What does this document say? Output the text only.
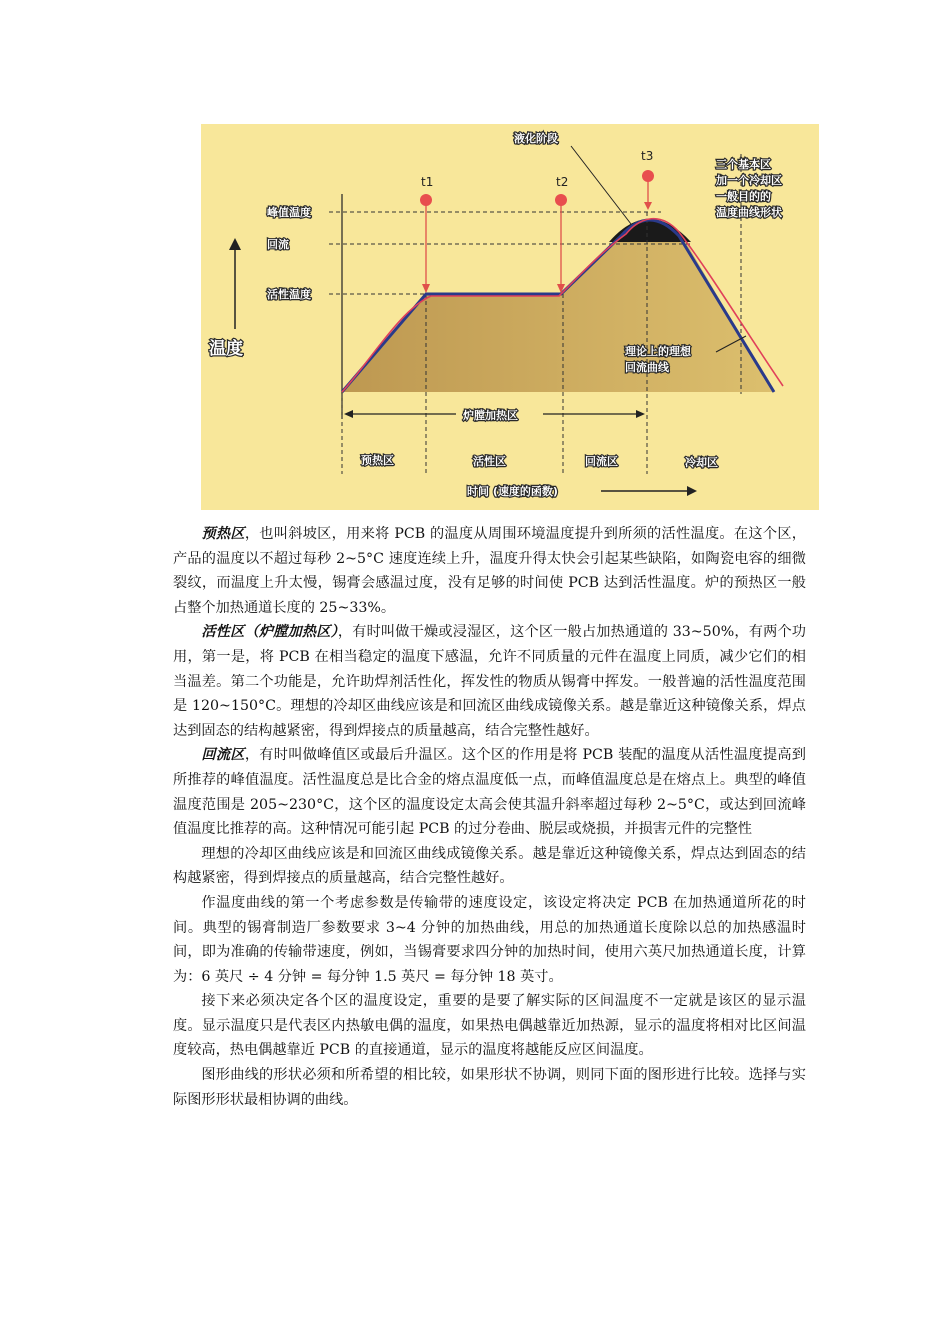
t1	t2
t3
液化阶段
三个基本区
加一个冷却区
一般目的的
温度曲线形状
峰值温度
回流
活性温度
温度	理论上的理想
回流曲线
炉膛加热区
预热区	活性区	回流区	冷却区
时间 (速度的函数)

预热区，也叫斜坡区，用来将 PCB 的温度从周围环境温度提升到所须的活性温度。在这个区，产品的温度以不超过每秒 2~5°C 速度连续上升，温度升得太快会引起某些缺陷，如陶瓷电容的细微裂纹，而温度上升太慢，锡膏会感温过度，没有足够的时间使 PCB 达到活性温度。炉的预热区一般占整个加热通道长度的 25~33%。

活性区（炉膛加热区），有时叫做干燥或浸湿区，这个区一般占加热通道的 33~50%，有两个功用，第一是，将 PCB 在相当稳定的温度下感温，允许不同质量的元件在温度上同质，减少它们的相当温差。第二个功能是，允许助焊剂活性化，挥发性的物质从锡膏中挥发。一般普遍的活性温度范围是 120~150°C。理想的冷却区曲线应该是和回流区曲线成镜像关系。越是靠近这种镜像关系，焊点达到固态的结构越紧密，得到焊接点的质量越高，结合完整性越好。

回流区，有时叫做峰值区或最后升温区。这个区的作用是将 PCB 装配的温度从活性温度提高到所推荐的峰值温度。活性温度总是比合金的熔点温度低一点，而峰值温度总是在熔点上。典型的峰值温度范围是 205~230°C，这个区的温度设定太高会使其温升斜率超过每秒 2~5°C，或达到回流峰值温度比推荐的高。这种情况可能引起 PCB 的过分卷曲、脱层或烧损，并损害元件的完整性

理想的冷却区曲线应该是和回流区曲线成镜像关系。越是靠近这种镜像关系，焊点达到固态的结构越紧密，得到焊接点的质量越高，结合完整性越好。

作温度曲线的第一个考虑参数是传输带的速度设定，该设定将决定 PCB 在加热通道所花的时间。典型的锡膏制造厂参数要求 3~4 分钟的加热曲线，用总的加热通道长度除以总的加热感温时间，即为准确的传输带速度，例如，当锡膏要求四分钟的加热时间，使用六英尺加热通道长度，计算为：6 英尺 ÷ 4 分钟 = 每分钟 1.5 英尺 = 每分钟 18 英寸。

接下来必须决定各个区的温度设定，重要的是要了解实际的区间温度不一定就是该区的显示温度。显示温度只是代表区内热敏电偶的温度，如果热电偶越靠近加热源，显示的温度将相对比区间温度较高，热电偶越靠近 PCB 的直接通道，显示的温度将越能反应区间温度。

图形曲线的形状必须和所希望的相比较，如果形状不协调，则同下面的图形进行比较。选择与实际图形形状最相协调的曲线。
